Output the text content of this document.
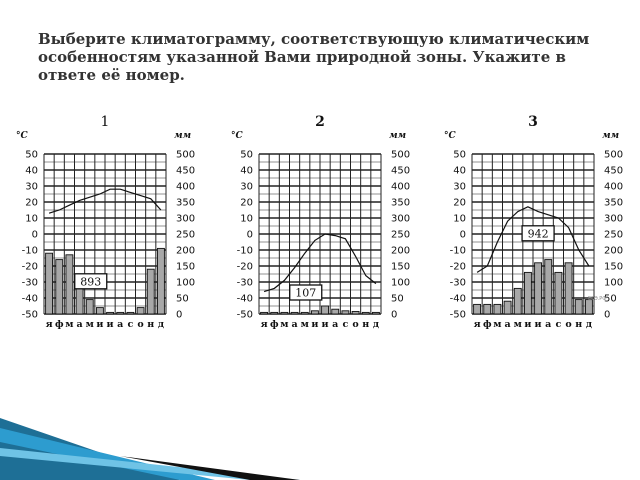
Выберите климатограмму, соответствующую климатическим особенностям указанной Вами природной зоны. Укажите в ответе её номер.

1
°С	мм
50
40
30
20
10
0
-10
-20
-30
-40
-50
500
450
400
350
300
250
200
150
100
50
0
893
я ф м а м и и а с о н д
2
°С	мм
50
40
30
20
10
0
-10
-20
-30
-40
-50
500
450
400
350
300
250
200
150
100
50
0
107
я ф м а м и и а с о н д
3
°С	мм
50
40
30
20
10
0
-10
-20
-30
-40
-50
500
450
400
350
300
250
200
150
100
50
0
942
я ф м а м и и а с о н д
ЕГЭ.РФ
